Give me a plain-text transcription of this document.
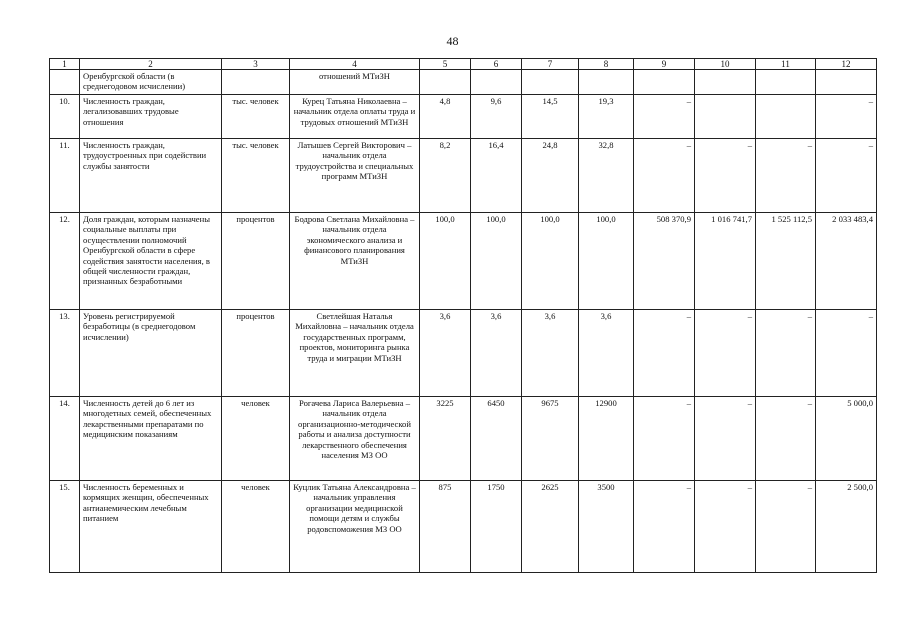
48
1	2	3	4	5	6	7	8	9	10	11	12
	Оренбургской области (в среднегодовом исчислении)		отношений МТиЗН								
10.	Численность граждан, легализовавших трудовые отношения	тыс. человек	Курец Татьяна Николаевна – начальник отдела оплаты труда и трудовых отношений МТиЗН	4,8	9,6	14,5	19,3	–			–
11.	Численность граждан, трудоустроенных при содействии службы занятости	тыс. человек	Латышев Сергей Викторович – начальник отдела трудоустройства и специальных программ МТиЗН	8,2	16,4	24,8	32,8	–	–	–	–
12.	Доля граждан, которым назначены социальные выплаты при осуществлении полномочий Оренбургской области в сфере содействия занятости населения, в общей численности граждан, признанных безработными	процентов	Бодрова Светлана Михайловна – начальник отдела экономического анализа и финансового планирования МТиЗН	100,0	100,0	100,0	100,0	508 370,9	1 016 741,7	1 525 112,5	2 033 483,4
13.	Уровень регистрируемой безработицы (в среднегодовом исчислении)	процентов	Светлейшая Наталья Михайловна – начальник отдела государственных программ, проектов, мониторинга рынка труда и миграции МТиЗН	3,6	3,6	3,6	3,6	–	–	–	–
14.	Численность детей до 6 лет из многодетных семей, обеспеченных лекарственными препаратами по медицинским показаниям	человек	Рогачева Лариса Валерьевна – начальник отдела организационно-методической работы и анализа доступности лекарственного обеспечения населения МЗ ОО	3225	6450	9675	12900	–	–	–	5 000,0
15.	Численность беременных и кормящих женщин, обеспеченных антианемическим лечебным питанием	человек	Куцлик Татьяна Александровна – начальник управления организации медицинской помощи детям и службы родовспоможения МЗ ОО	875	1750	2625	3500	–	–	–	2 500,0
